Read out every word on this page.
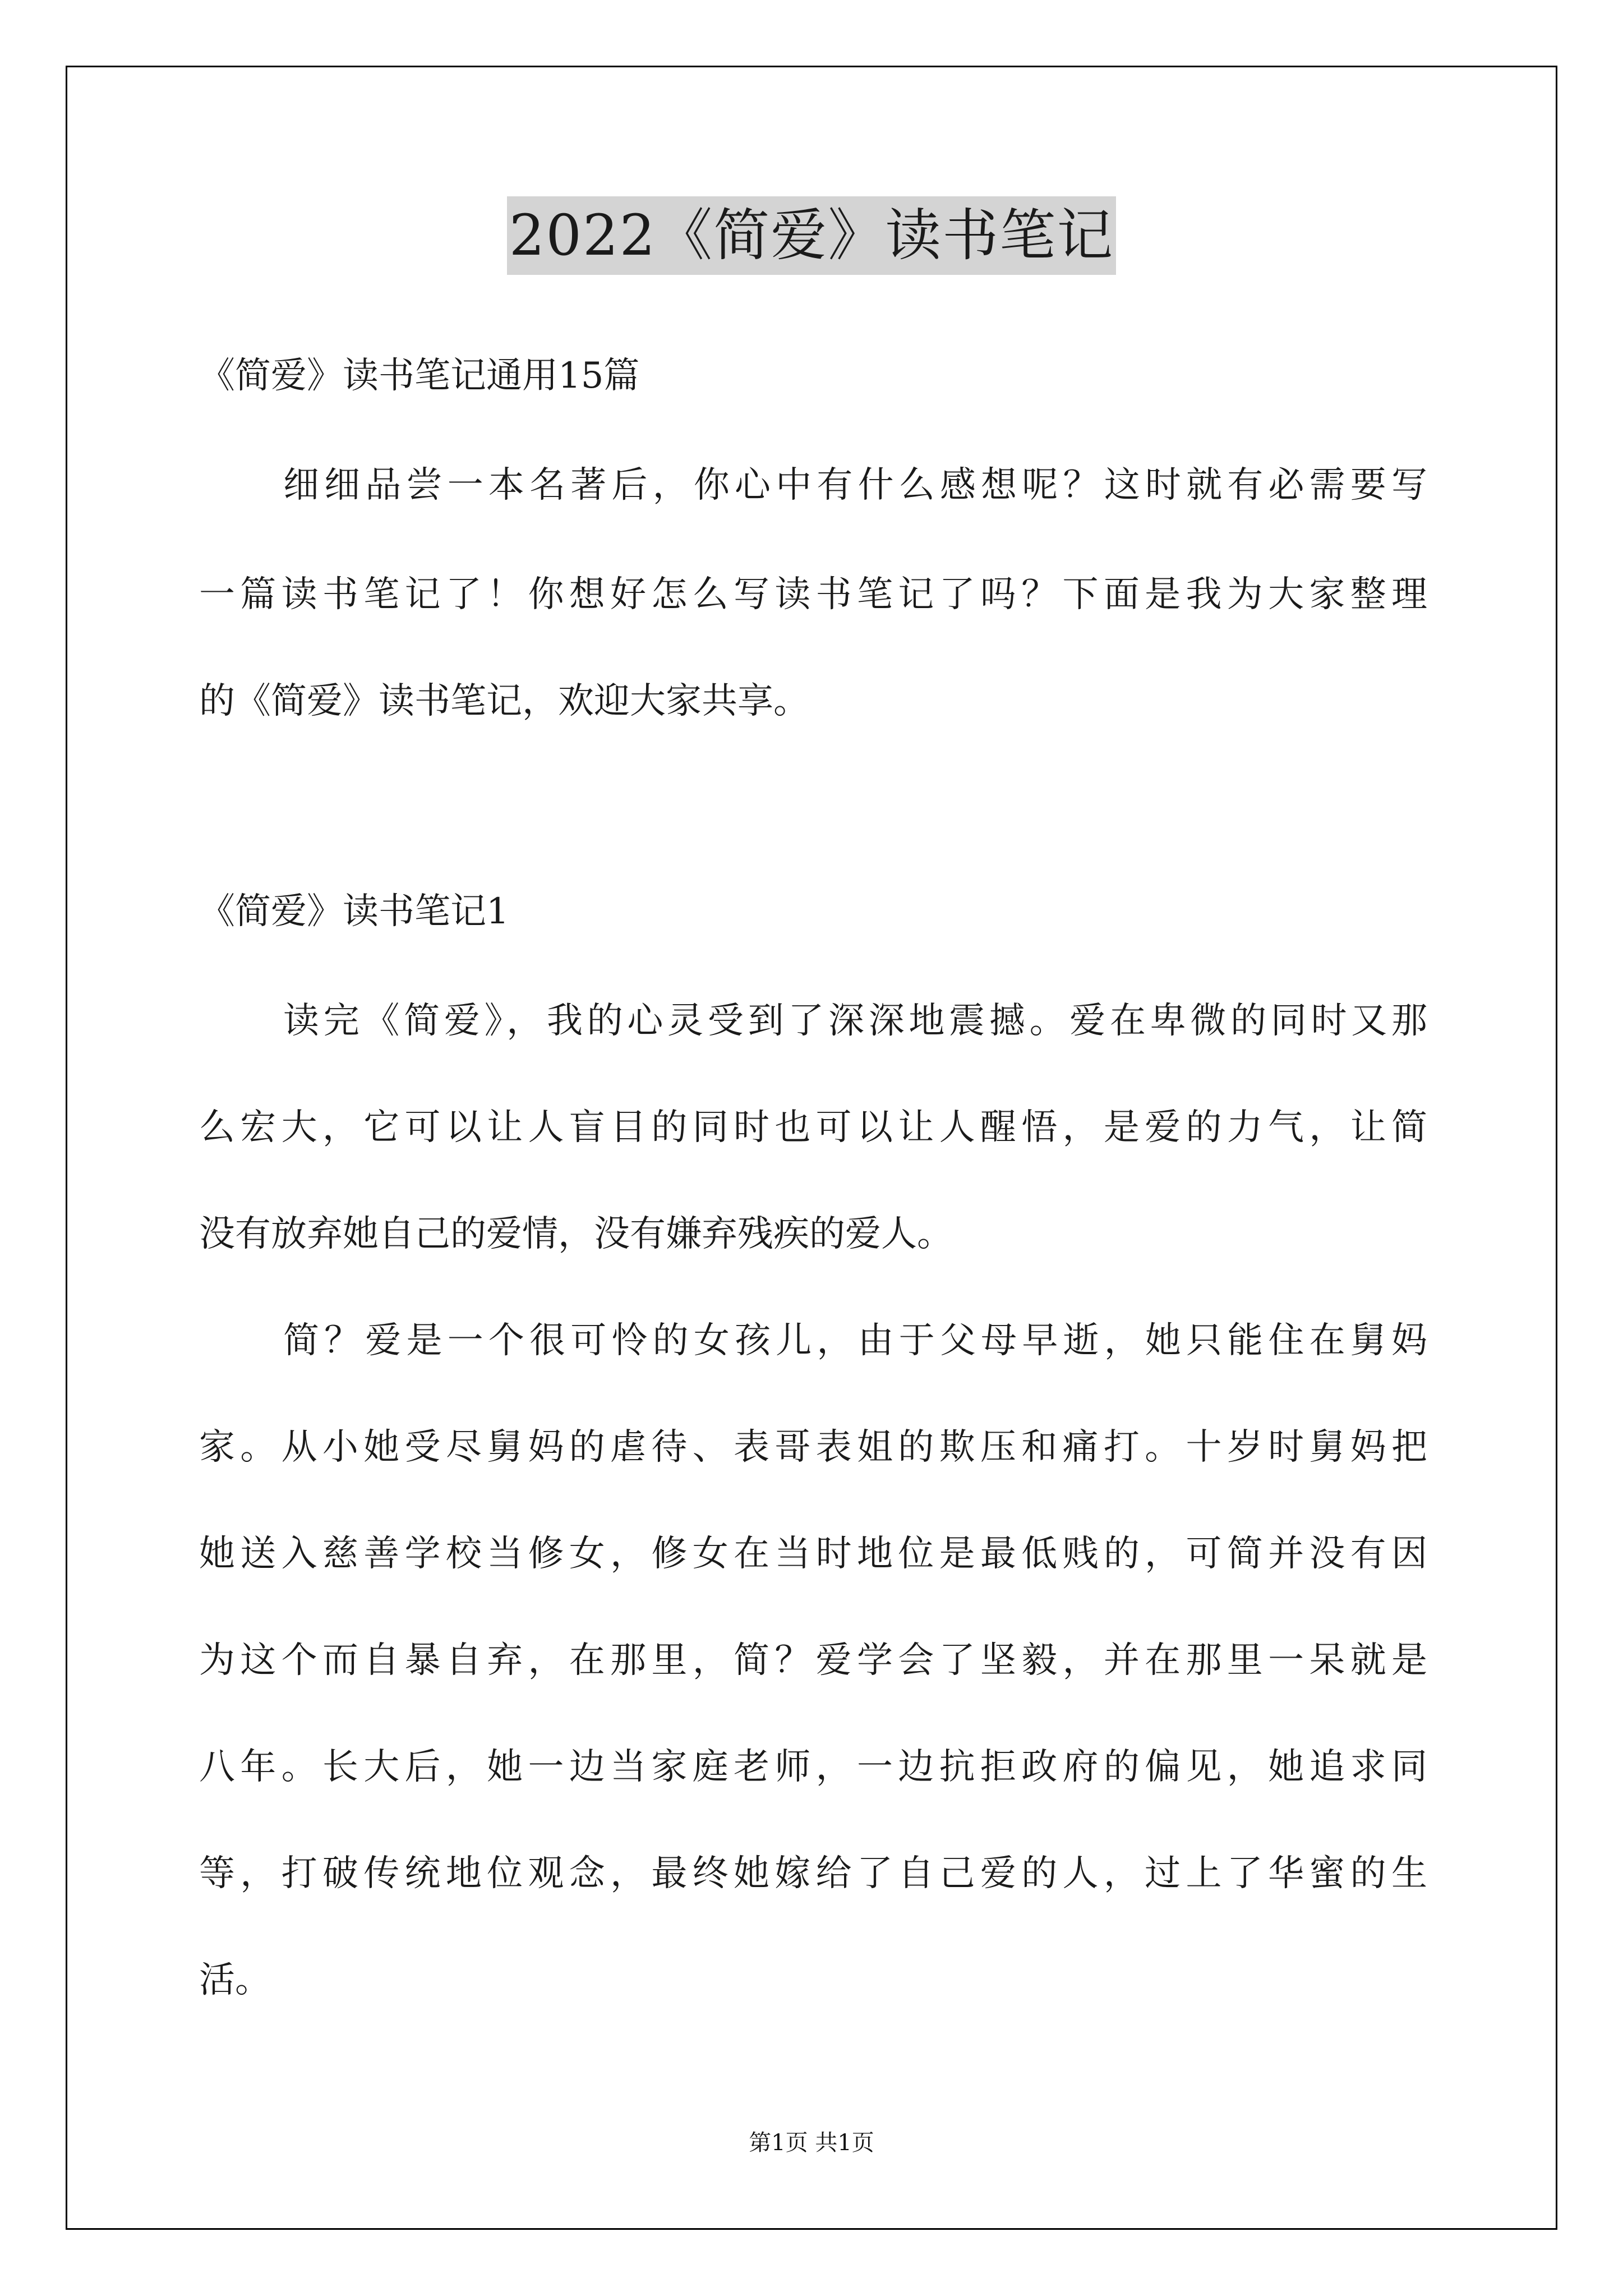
2022《简爱》读书笔记
《简爱》读书笔记通用15篇
细细品尝一本名著后，你心中有什么感想呢？这时就有必需要写
一篇读书笔记了！你想好怎么写读书笔记了吗？下面是我为大家整理
的《简爱》读书笔记，欢迎大家共享。
《简爱》读书笔记1
读完《简爱》，我的心灵受到了深深地震撼。爱在卑微的同时又那
么宏大，它可以让人盲目的同时也可以让人醒悟，是爱的力气，让简
没有放弃她自己的爱情，没有嫌弃残疾的爱人。
简？爱是一个很可怜的女孩儿，由于父母早逝，她只能住在舅妈
家。从小她受尽舅妈的虐待、表哥表姐的欺压和痛打。十岁时舅妈把
她送入慈善学校当修女，修女在当时地位是最低贱的，可简并没有因
为这个而自暴自弃，在那里，简？爱学会了坚毅，并在那里一呆就是
八年。长大后，她一边当家庭老师，一边抗拒政府的偏见，她追求同
等，打破传统地位观念，最终她嫁给了自己爱的人，过上了华蜜的生
活。
第1页 共1页
